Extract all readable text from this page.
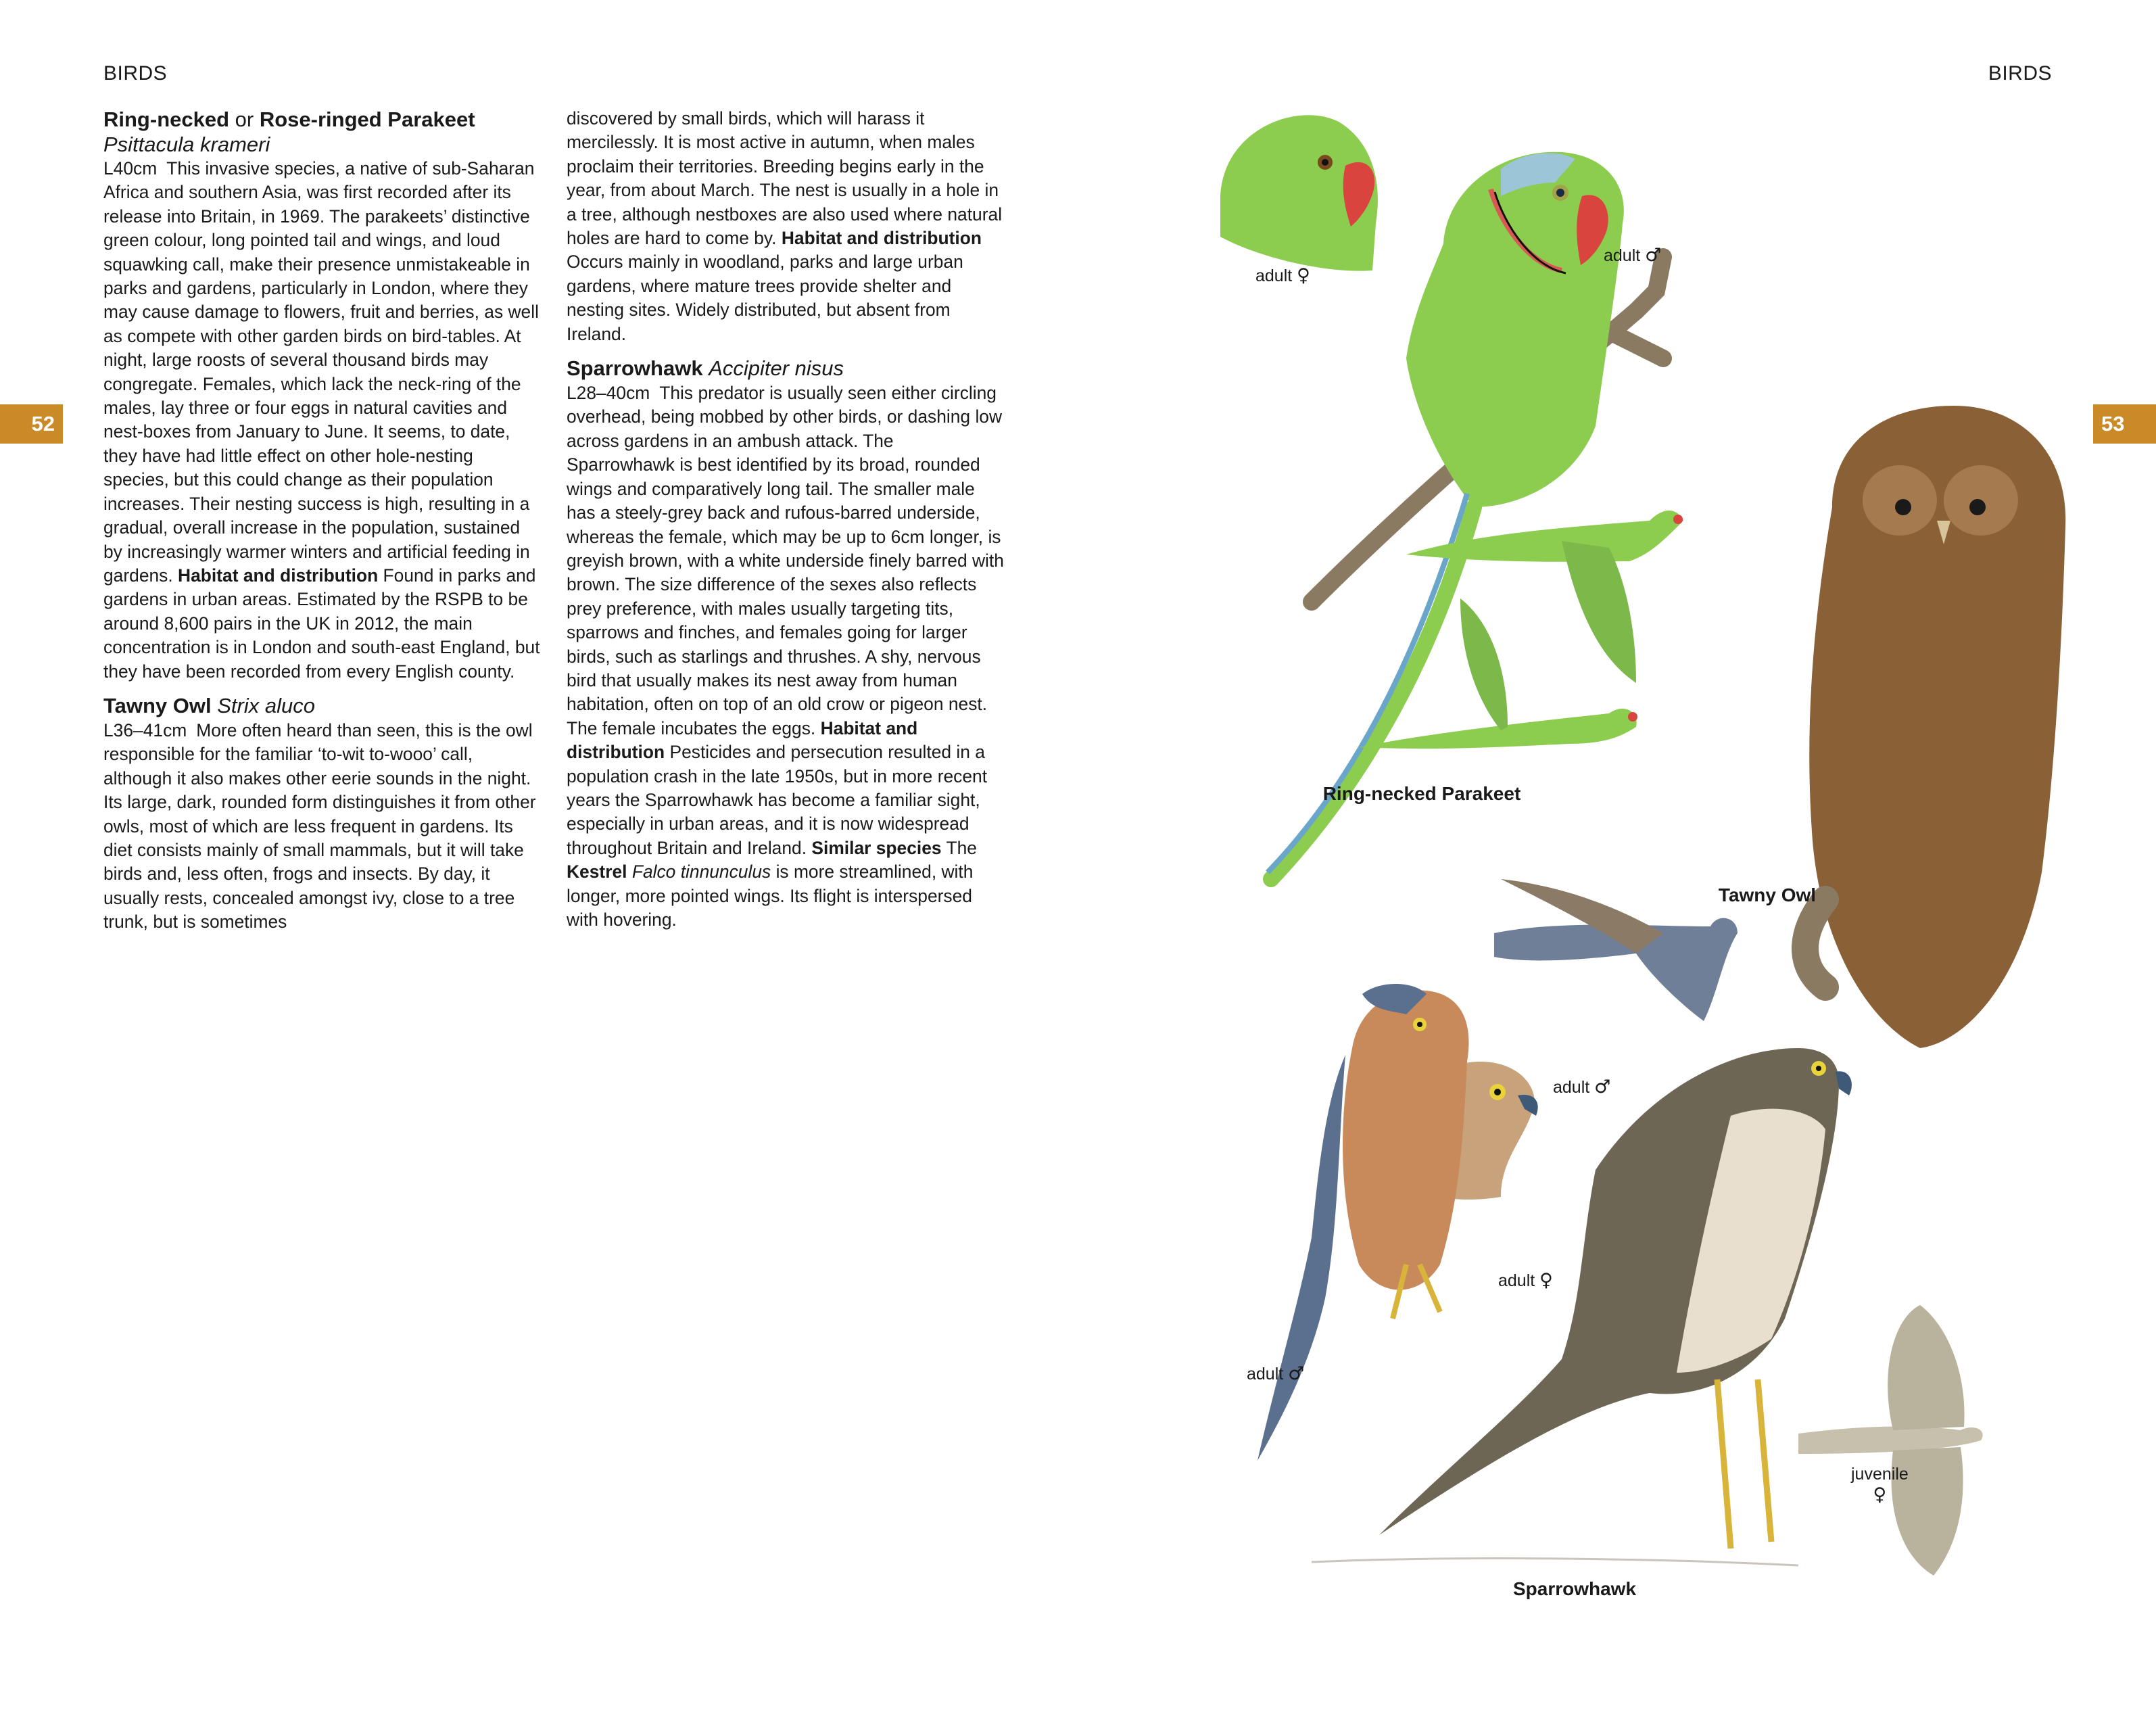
BIRDS	BIRDS
52	53
Ring-necked or Rose-ringed Parakeet
Psittacula krameri

L40cm This invasive species, a native of sub-Saharan Africa and southern Asia, was first recorded after its release into Britain, in 1969. The parakeets’ distinctive green colour, long pointed tail and wings, and loud squawking call, make their presence unmistakeable in parks and gardens, particularly in London, where they may cause damage to flowers, fruit and berries, as well as compete with other garden birds on bird-tables. At night, large roosts of several thousand birds may congregate. Females, which lack the neck-ring of the males, lay three or four eggs in natural cavities and nest-boxes from January to June. It seems, to date, they have had little effect on other hole-nesting species, but this could change as their population increases. Their nesting success is high, resulting in a gradual, overall increase in the population, sustained by increasingly warmer winters and artificial feeding in gardens. Habitat and distribution Found in parks and gardens in urban areas. Estimated by the RSPB to be around 8,600 pairs in the UK in 2012, the main concentration is in London and south-east England, but they have been recorded from every English county.

Tawny Owl Strix aluco

L36–41cm More often heard than seen, this is the owl responsible for the familiar ‘to-wit to-wooo’ call, although it also makes other eerie sounds in the night. Its large, dark, rounded form distinguishes it from other owls, most of which are less frequent in gardens. Its diet consists mainly of small mammals, but it will take birds and, less often, frogs and insects. By day, it usually rests, concealed amongst ivy, close to a tree trunk, but is sometimes

discovered by small birds, which will harass it mercilessly. It is most active in autumn, when males proclaim their territories. Breeding begins early in the year, from about March. The nest is usually in a hole in a tree, although nestboxes are also used where natural holes are hard to come by. Habitat and distribution Occurs mainly in woodland, parks and large urban gardens, where mature trees provide shelter and nesting sites. Widely distributed, but absent from Ireland.

Sparrowhawk Accipiter nisus

L28–40cm This predator is usually seen either circling overhead, being mobbed by other birds, or dashing low across gardens in an ambush attack. The Sparrowhawk is best identified by its broad, rounded wings and comparatively long tail. The smaller male has a steely-grey back and rufous-barred underside, whereas the female, which may be up to 6cm longer, is greyish brown, with a white underside finely barred with brown. The size difference of the sexes also reflects prey preference, with males usually targeting tits, sparrows and finches, and females going for larger birds, such as starlings and thrushes. A shy, nervous bird that usually makes its nest away from human habitation, often on top of an old crow or pigeon nest. The female incubates the eggs. Habitat and distribution Pesticides and persecution resulted in a population crash in the late 1950s, but in more recent years the Sparrowhawk has become a familiar sight, especially in urban areas, and it is now widespread throughout Britain and Ireland. Similar species The Kestrel Falco tinnunculus is more streamlined, with longer, more pointed wings. Its flight is interspersed with hovering.

adult ♀
adult ♂
Ring-necked Parakeet
Tawny Owl
adult ♂
adult ♀
adult ♂
juvenile
♀
Sparrowhawk
